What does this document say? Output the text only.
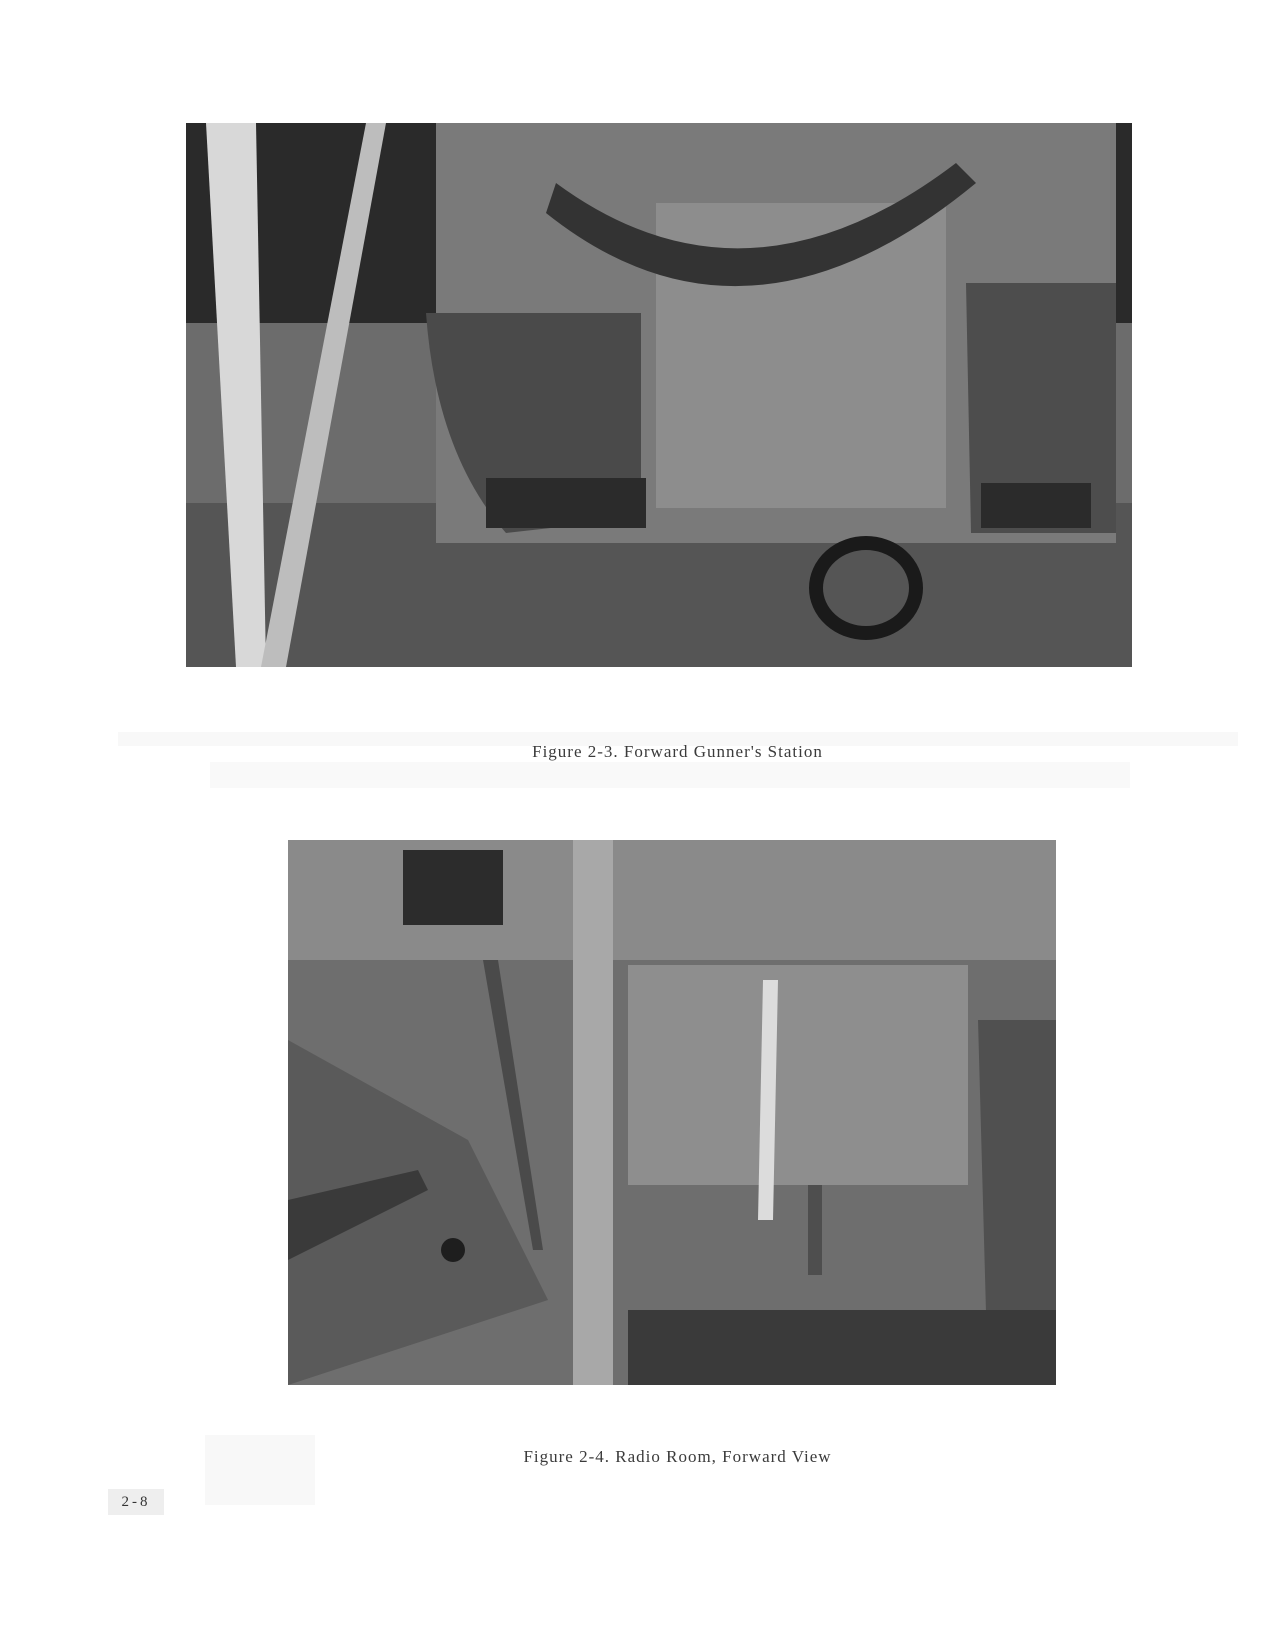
Figure 2-3. Forward Gunner's Station
Figure 2-4. Radio Room, Forward View
2-8
